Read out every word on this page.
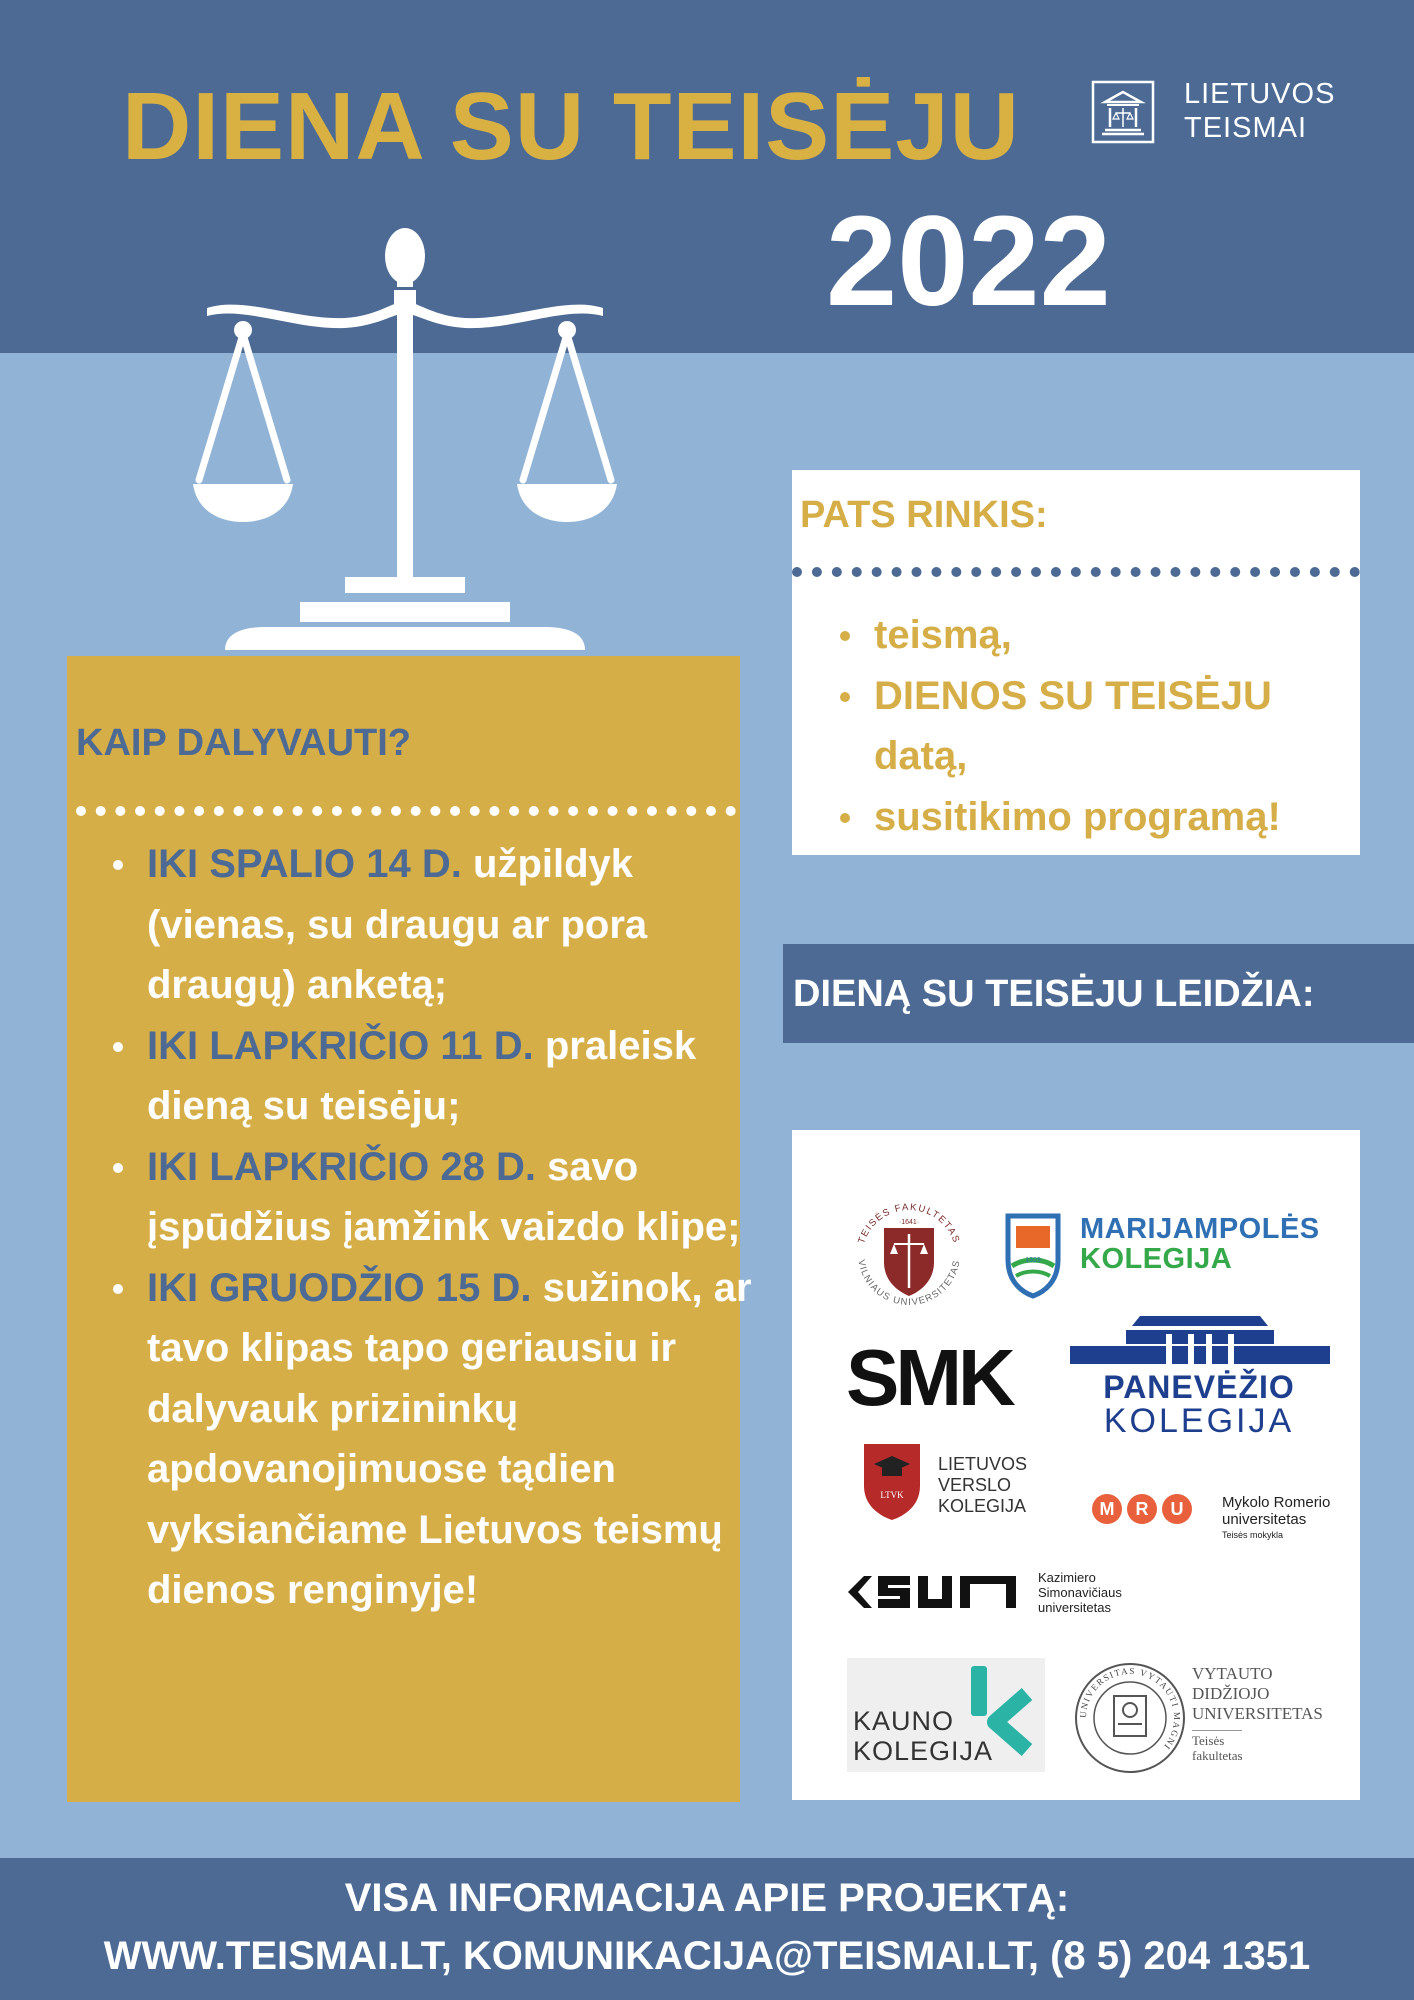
DIENA SU TEISĖJU	LIETUVOS
TEISMAI
2022
KAIP DALYVAUTI?
IKI SPALIO 14 D. užpildyk (vienas, su draugu ar pora draugų) anketą;
IKI LAPKRIČIO 11 D. praleisk dieną su teisėju;
IKI LAPKRIČIO 28 D. savo įspūdžius įamžink vaizdo klipe;
IKI GRUODŽIO 15 D. sužinok, ar tavo klipas tapo geriausiu ir dalyvauk prizininkų apdovanojimuose tądien vyksiančiame Lietuvos teismų dienos renginyje!
PATS RINKIS:
teismą,
DIENOS SU TEISĖJU datą,
susitikimo programą!

DIENĄ SU TEISĖJU LEIDŽIA:

TEISĖS FAKULTETAS
VILNIAUS UNIVERSITETAS
·1641·
1919
MARIJAMPOLĖS
KOLEGIJA
SMK	PANEVĖŽIO
KOLEGIJA
LTVK
LIETUVOS
VERSLO
KOLEGIJA	M	R	U	Mykolo Romerio
universitetas
Teisės mokykla
Kazimiero
Simonavičiaus
universitetas
KAUNO
KOLEGIJA
UNIVERSITAS VYTAUTI MAGNI
VYTAUTO
DIDŽIOJO
UNIVERSITETAS
Teisės
fakultetas

VISA INFORMACIJA APIE PROJEKTĄ:

WWW.TEISMAI.LT, KOMUNIKACIJA@TEISMAI.LT, (8 5) 204 1351
